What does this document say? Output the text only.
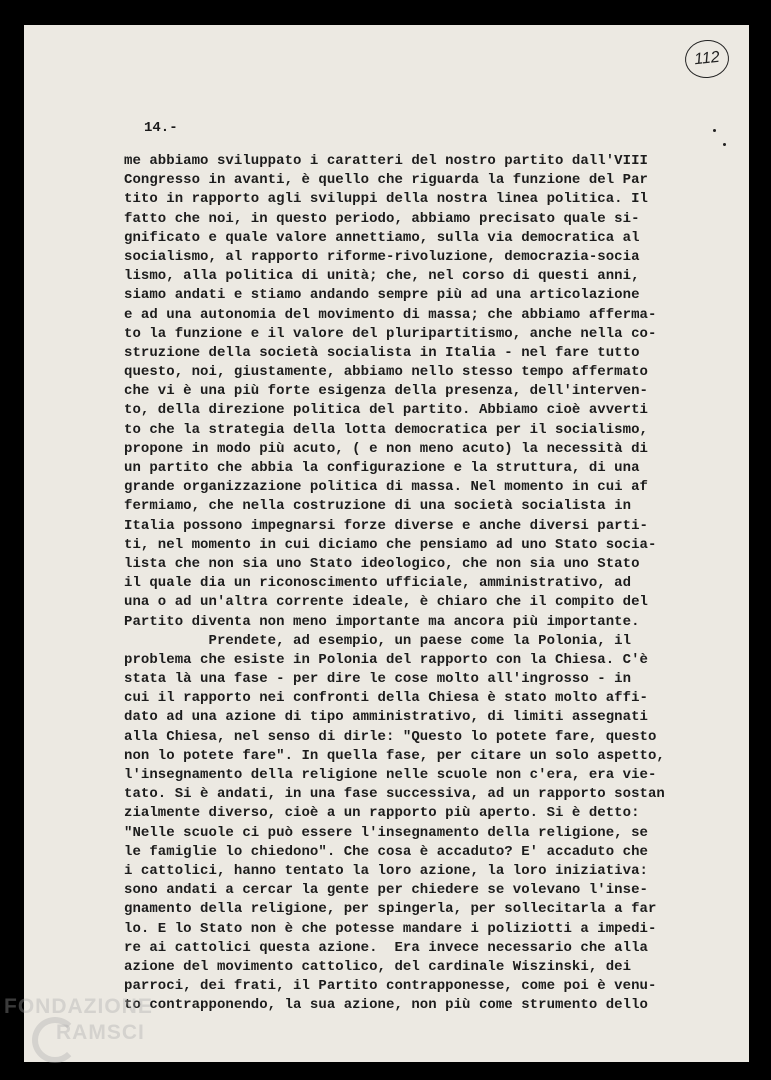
112
14.-
me abbiamo sviluppato i caratteri del nostro partito dall'VIII
Congresso in avanti, è quello che riguarda la funzione del Par
tito in rapporto agli sviluppi della nostra linea politica. Il
fatto che noi, in questo periodo, abbiamo precisato quale si-
gnificato e quale valore annettiamo, sulla via democratica al
socialismo, al rapporto riforme-rivoluzione, democrazia-socia
lismo, alla politica di unità; che, nel corso di questi anni,
siamo andati e stiamo andando sempre più ad una articolazione
e ad una autonomia del movimento di massa; che abbiamo afferma-
to la funzione e il valore del pluripartitismo, anche nella co-
struzione della società socialista in Italia - nel fare tutto
questo, noi, giustamente, abbiamo nello stesso tempo affermato
che vi è una più forte esigenza della presenza, dell'interven-
to, della direzione politica del partito. Abbiamo cioè avverti
to che la strategia della lotta democratica per il socialismo,
propone in modo più acuto, ( e non meno acuto) la necessità di
un partito che abbia la configurazione e la struttura, di una
grande organizzazione politica di massa. Nel momento in cui af
fermiamo, che nella costruzione di una società socialista in
Italia possono impegnarsi forze diverse e anche diversi parti-
ti, nel momento in cui diciamo che pensiamo ad uno Stato socia-
lista che non sia uno Stato ideologico, che non sia uno Stato
il quale dia un riconoscimento ufficiale, amministrativo, ad
una o ad un'altra corrente ideale, è chiaro che il compito del
Partito diventa non meno importante ma ancora più importante.
Prendete, ad esempio, un paese come la Polonia, il
problema che esiste in Polonia del rapporto con la Chiesa. C'è
stata là una fase - per dire le cose molto all'ingrosso - in
cui il rapporto nei confronti della Chiesa è stato molto affi-
dato ad una azione di tipo amministrativo, di limiti assegnati
alla Chiesa, nel senso di dirle: "Questo lo potete fare, questo
non lo potete fare". In quella fase, per citare un solo aspetto,
l'insegnamento della religione nelle scuole non c'era, era vie-
tato. Si è andati, in una fase successiva, ad un rapporto sostan
zialmente diverso, cioè a un rapporto più aperto. Si è detto:
"Nelle scuole ci può essere l'insegnamento della religione, se
le famiglie lo chiedono". Che cosa è accaduto? E' accaduto che
i cattolici, hanno tentato la loro azione, la loro iniziativa:
sono andati a cercar la gente per chiedere se volevano l'inse-
gnamento della religione, per spingerla, per sollecitarla a far
lo. E lo Stato non è che potesse mandare i poliziotti a impedi-
re ai cattolici questa azione.  Era invece necessario che alla
azione del movimento cattolico, del cardinale Wiszinski, dei
parroci, dei frati, il Partito contrapponesse, come poi è venu-
to contrapponendo, la sua azione, non più come strumento dello
FONDAZIONE
RAMSCI
